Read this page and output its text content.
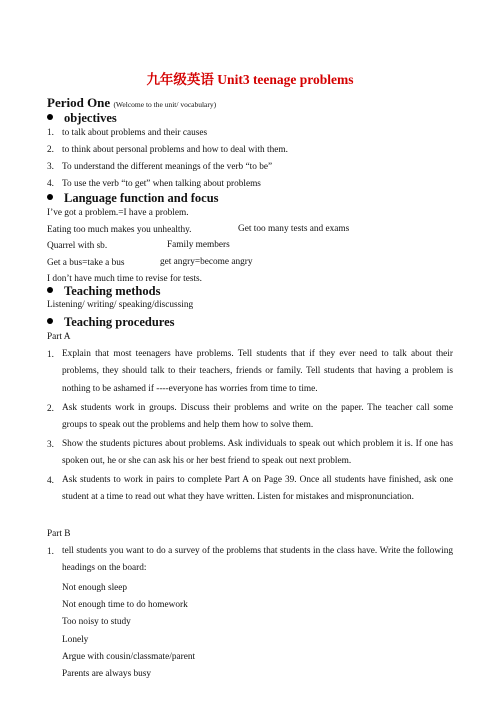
九年级英语 Unit3 teenage problems
Period One (Welcome to the unit/ vocabulary)
objectives
1. to talk about problems and their causes
2. to think about personal problems and how to deal with them.
3. To understand the different meanings of the verb “to be”
4. To use the verb “to get” when talking about problems
Language function and focus
I’ve got a problem.=I have a problem.
Eating too much makes you unhealthy.	Get too many tests and exams
Quarrel with sb.	Family members
Get a bus=take a bus	get angry=become angry
I don’t have much time to revise for tests.
Teaching methods
Listening/ writing/ speaking/discussing
Teaching procedures
Part A
1. Explain that most teenagers have problems. Tell students that if they ever need to talk about their problems, they should talk to their teachers, friends or family. Tell students that having a problem is nothing to be ashamed if ----everyone has worries from time to time.
2. Ask students work in groups. Discuss their problems and write on the paper. The teacher call some groups to speak out the problems and help them how to solve them.
3. Show the students pictures about problems. Ask individuals to speak out which problem it is. If one has spoken out, he or she can ask his or her best friend to speak out next problem.
4. Ask students to work in pairs to complete Part A on Page 39. Once all students have finished, ask one student at a time to read out what they have written. Listen for mistakes and mispronunciation.
Part B
1. tell students you want to do a survey of the problems that students in the class have. Write the following headings on the board:
Not enough sleep
Not enough time to do homework
Too noisy to study
Lonely
Argue with cousin/classmate/parent
Parents are always busy
